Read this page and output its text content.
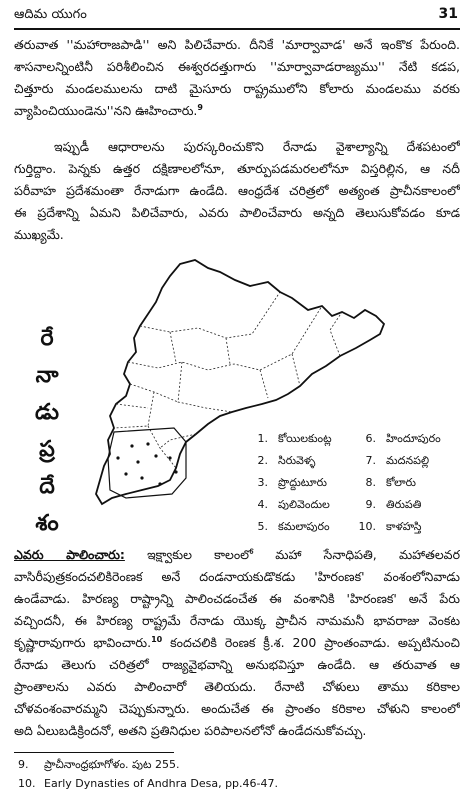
ఆదిమ యుగం	31
తరువాత ''మహారాజపాడి'' అని పిలిచేవారు. దీనికే 'మార్వావాడ' అనే ఇంకొక పేరుంది.
శాసనాలన్నింటినీ పరిశీలించిన ఈశ్వరదత్తుగారు ''మార్వావాడరాజ్యము'' నేటి కడప,
చిత్తూరు మండలములను దాటి మైసూరు రాష్ట్రములోని కోలారు మండలము వరకు
వ్యాపించియుండెను''నని ఊహించారు.$^9$
ఇప్పుడీ ఆధారాలను పురస్కరించుకొని రేనాడు వైశాల్యాన్ని దేశపటంలో
గుర్తిద్దాం. పెన్నకు ఉత్తర దక్షిణాలలోనూ, తూర్పుపడమరలలోనూ విస్తరిల్లిన, ఆ నదీ
పరీవాహ ప్రదేశమంతా రేనాడుగా ఉండేది. ఆంధ్రదేశ చరిత్రలో అత్యంత ప్రాచీనకాలంలో
ఈ ప్రదేశాన్ని ఏమని పిలిచేవారు, ఎవరు పాలించేవారు అన్నది తెలుసుకోవడం కూడ
ముఖ్యమే.
రే
నా
డు
ప్ర
దే
శం
1. కోయిలకుంట్ల
2. సిరువెళ్ళ
3. ప్రొద్దుటూరు
4. పులివెందుల
5. కమలాపురం
6. హిందూపురం
7. మదనపల్లి
8. కోలారు
9. తిరుపతి
10. కాళహస్తి
ఎవరు పాలించారు: ఇక్ష్వాకుల కాలంలో మహా సేనాధిపతి, మహాతలవర
వాసిరీపుత్రకందచలికిరెంణక అనే దండనాయకుడొకడు 'హిరంణక' వంశంలోనివాడు
ఉండేవాడు. హిరణ్య రాష్ట్రాన్ని పాలించడంచేత ఈ వంశానికి 'హిరంణక' అనే పేరు
వచ్చిందనీ, ఈ హిరణ్య రాష్ట్రమే రేనాడు యొక్క ప్రాచీన నామమనీ భావరాజు వెంకట
కృష్ణారావుగారు భావించారు.$^{10}$ కందచలికి రెంణక క్రీ.శ. 200 ప్రాంతంవాడు. అప్పటినుంచి
రేనాడు తెలుగు చరిత్రలో రాజ్యవైభవాన్ని అనుభవిస్తూ ఉండేది. ఆ తరువాత ఆ
ప్రాంతాలను ఎవరు పాలించారో తెలియదు. రేనాటి చోళులు తాము కరికాల
చోళవంశంవారమ్మని చెప్పుకున్నారు. అందుచేత ఈ ప్రాంతం కరికాల చోళుని కాలంలో
అది ఏలుబడిక్రిందనో, అతని ప్రతినిధుల పరిపాలనలోనో ఉండేదనుకోవచ్చు.
9. ప్రాచీనాంధ్రభూగోళం. పుట 255.
10. Early Dynasties of Andhra Desa, pp.46-47.
